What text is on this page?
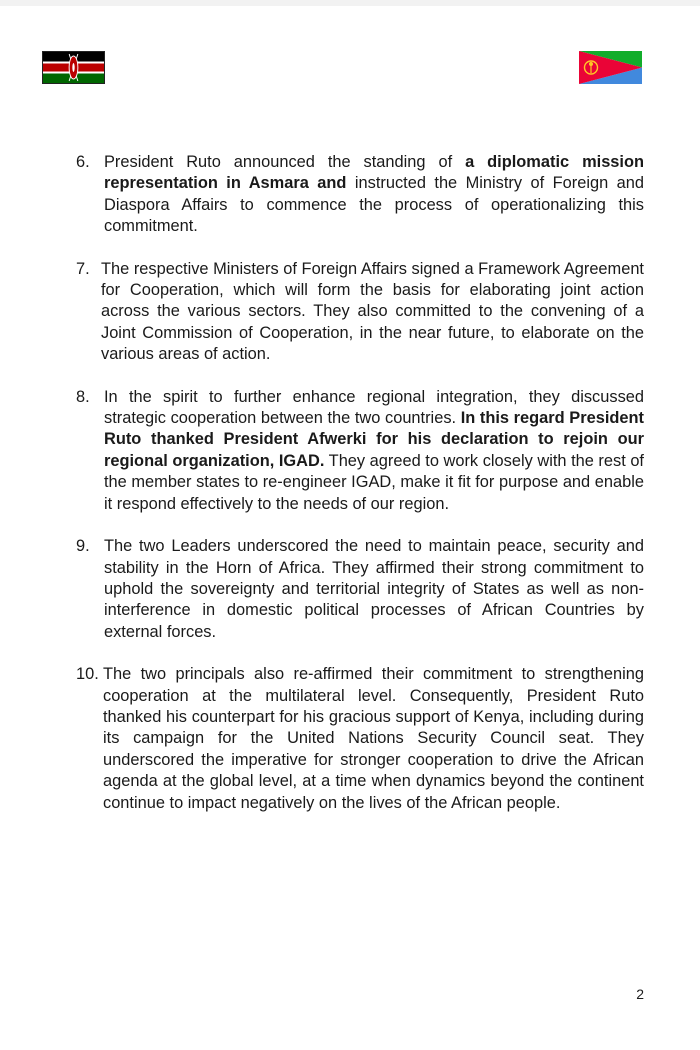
6. President Ruto announced the standing of a diplomatic mission representation in Asmara and instructed the Ministry of Foreign and Diaspora Affairs to commence the process of operationalizing this commitment.
7. The respective Ministers of Foreign Affairs signed a Framework Agreement for Cooperation, which will form the basis for elaborating joint action across the various sectors. They also committed to the convening of a Joint Commission of Cooperation, in the near future, to elaborate on the various areas of action.
8. In the spirit to further enhance regional integration, they discussed strategic cooperation between the two countries. In this regard President Ruto thanked President Afwerki for his declaration to rejoin our regional organization, IGAD. They agreed to work closely with the rest of the member states to re-engineer IGAD, make it fit for purpose and enable it respond effectively to the needs of our region.
9. The two Leaders underscored the need to maintain peace, security and stability in the Horn of Africa. They affirmed their strong commitment to uphold the sovereignty and territorial integrity of States as well as non-interference in domestic political processes of African Countries by external forces.
10. The two principals also re-affirmed their commitment to strengthening cooperation at the multilateral level. Consequently, President Ruto thanked his counterpart for his gracious support of Kenya, including during its campaign for the United Nations Security Council seat. They underscored the imperative for stronger cooperation to drive the African agenda at the global level, at a time when dynamics beyond the continent continue to impact negatively on the lives of the African people.
2
